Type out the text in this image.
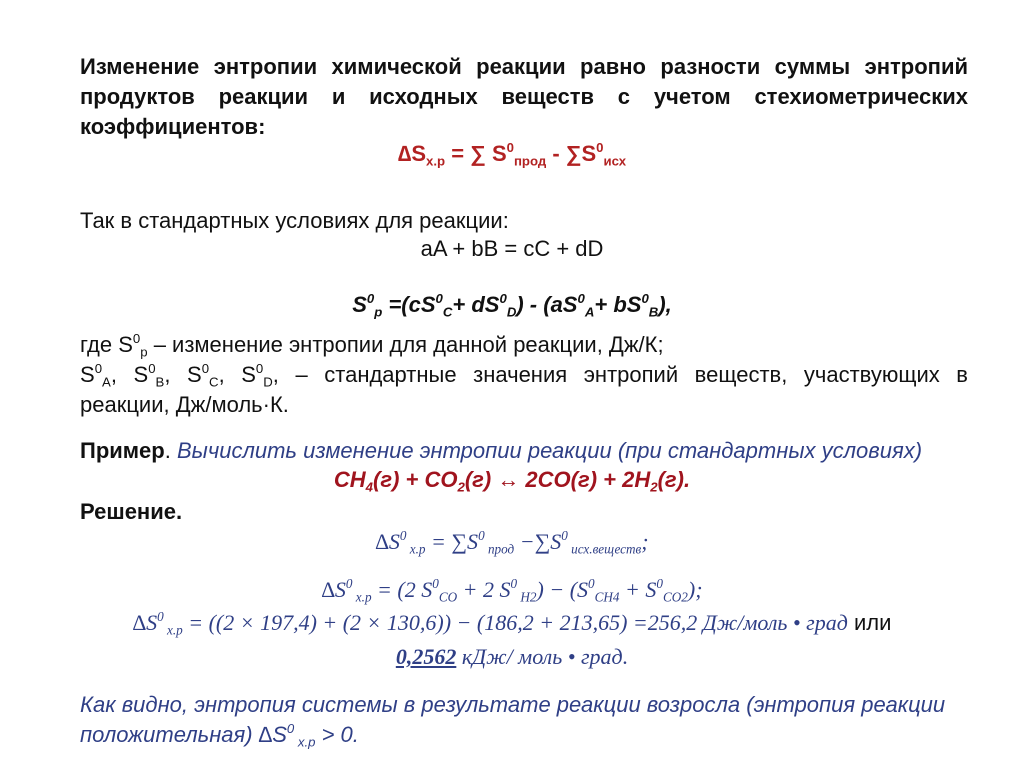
Изменение энтропии химической реакции равно разности суммы энтропий
продуктов реакции и исходных веществ с учетом стехиометрических
коэффициентов:
$\Delta S_{х.р}$ = ∑ $S^0_{прод} - \sum S^0_{исх}$
Так в стандартных условиях для реакции:
aA + bB = cC + dD
$S^0_p =(cS^0_C+ dS^0_D) - (aS^0_A+ bS^0_B)$,
где $S^0_р$ – изменение энтропии для данной реакции, Дж/К;
$S^0_A$, $S^0_B$, $S^0_C$, $S^0_D$, – стандартные значения энтропий веществ, участвующих в
реакции, Дж/моль·К.
Пример. Вычислить изменение энтропии реакции (при стандартных условиях)
$CH_4(г) + CO_2(г)$ ↔ $2CO(г) + 2H_2(г)$.
Решение.
$\Delta S^0$ $_{х.р} = \sum S^0$ $_{прод} -\sum S^0$ $_{исх.веществ}$;
$\Delta S^0$ $_{х.р}$ = (2 $S^0_{CO} + 2$ $S^0$ $_{H2}) - (S^0_{CH4} + S^0_{CO2})$;
$\Delta S^0$ $_{х.р}$ = ((2 × 197,4) + (2 × 130,6)) − (186,2 + 213,65) =256,2 Дж/моль • град или
0,2562 кДж/ моль • град.
Как видно, энтропия системы в результате реакции возросла (энтропия реакции
положительная) $\Delta S^0$ $_{х.р}$ > 0.
